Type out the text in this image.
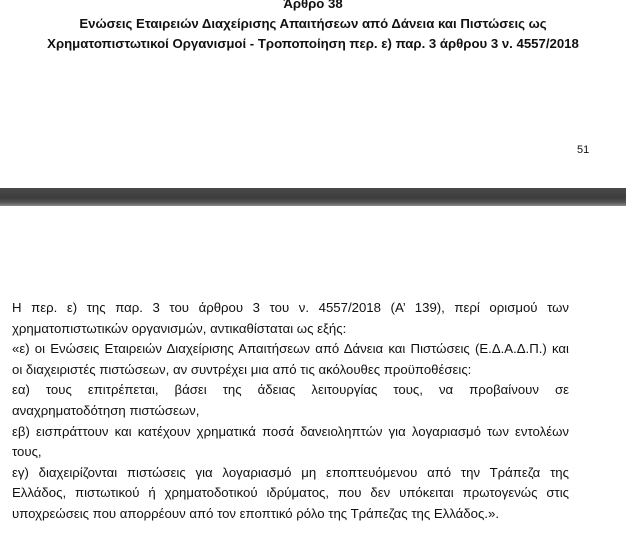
Άρθρο 38
Ενώσεις Εταιρειών Διαχείρισης Απαιτήσεων από Δάνεια και Πιστώσεις ως
Χρηματοπιστωτικοί Οργανισμοί - Τροποποίηση περ. ε) παρ. 3 άρθρου 3 ν. 4557/2018
51

Η περ. ε) της παρ. 3 του άρθρου 3 του ν. 4557/2018 (Α’ 139), περί ορισμού των

χρηματοπιστωτικών οργανισμών, αντικαθίσταται ως εξής:

«ε) οι Ενώσεις Εταιρειών Διαχείρισης Απαιτήσεων από Δάνεια και Πιστώσεις (Ε.Δ.Α.Δ.Π.) και

οι διαχειριστές πιστώσεων, αν συντρέχει μια από τις ακόλουθες προϋποθέσεις:

εα) τους επιτρέπεται, βάσει της άδειας λειτουργίας τους, να προβαίνουν σε

αναχρηματοδότηση πιστώσεων,

εβ) εισπράττουν και κατέχουν χρηματικά ποσά δανειοληπτών για λογαριασμό των εντολέων

τους,

εγ) διαχειρίζονται πιστώσεις για λογαριασμό μη εποπτευόμενου από την Τράπεζα της

Ελλάδος, πιστωτικού ή χρηματοδοτικού ιδρύματος, που δεν υπόκειται πρωτογενώς στις

υποχρεώσεις που απορρέουν από τον εποπτικό ρόλο της Τράπεζας της Ελλάδος.».
